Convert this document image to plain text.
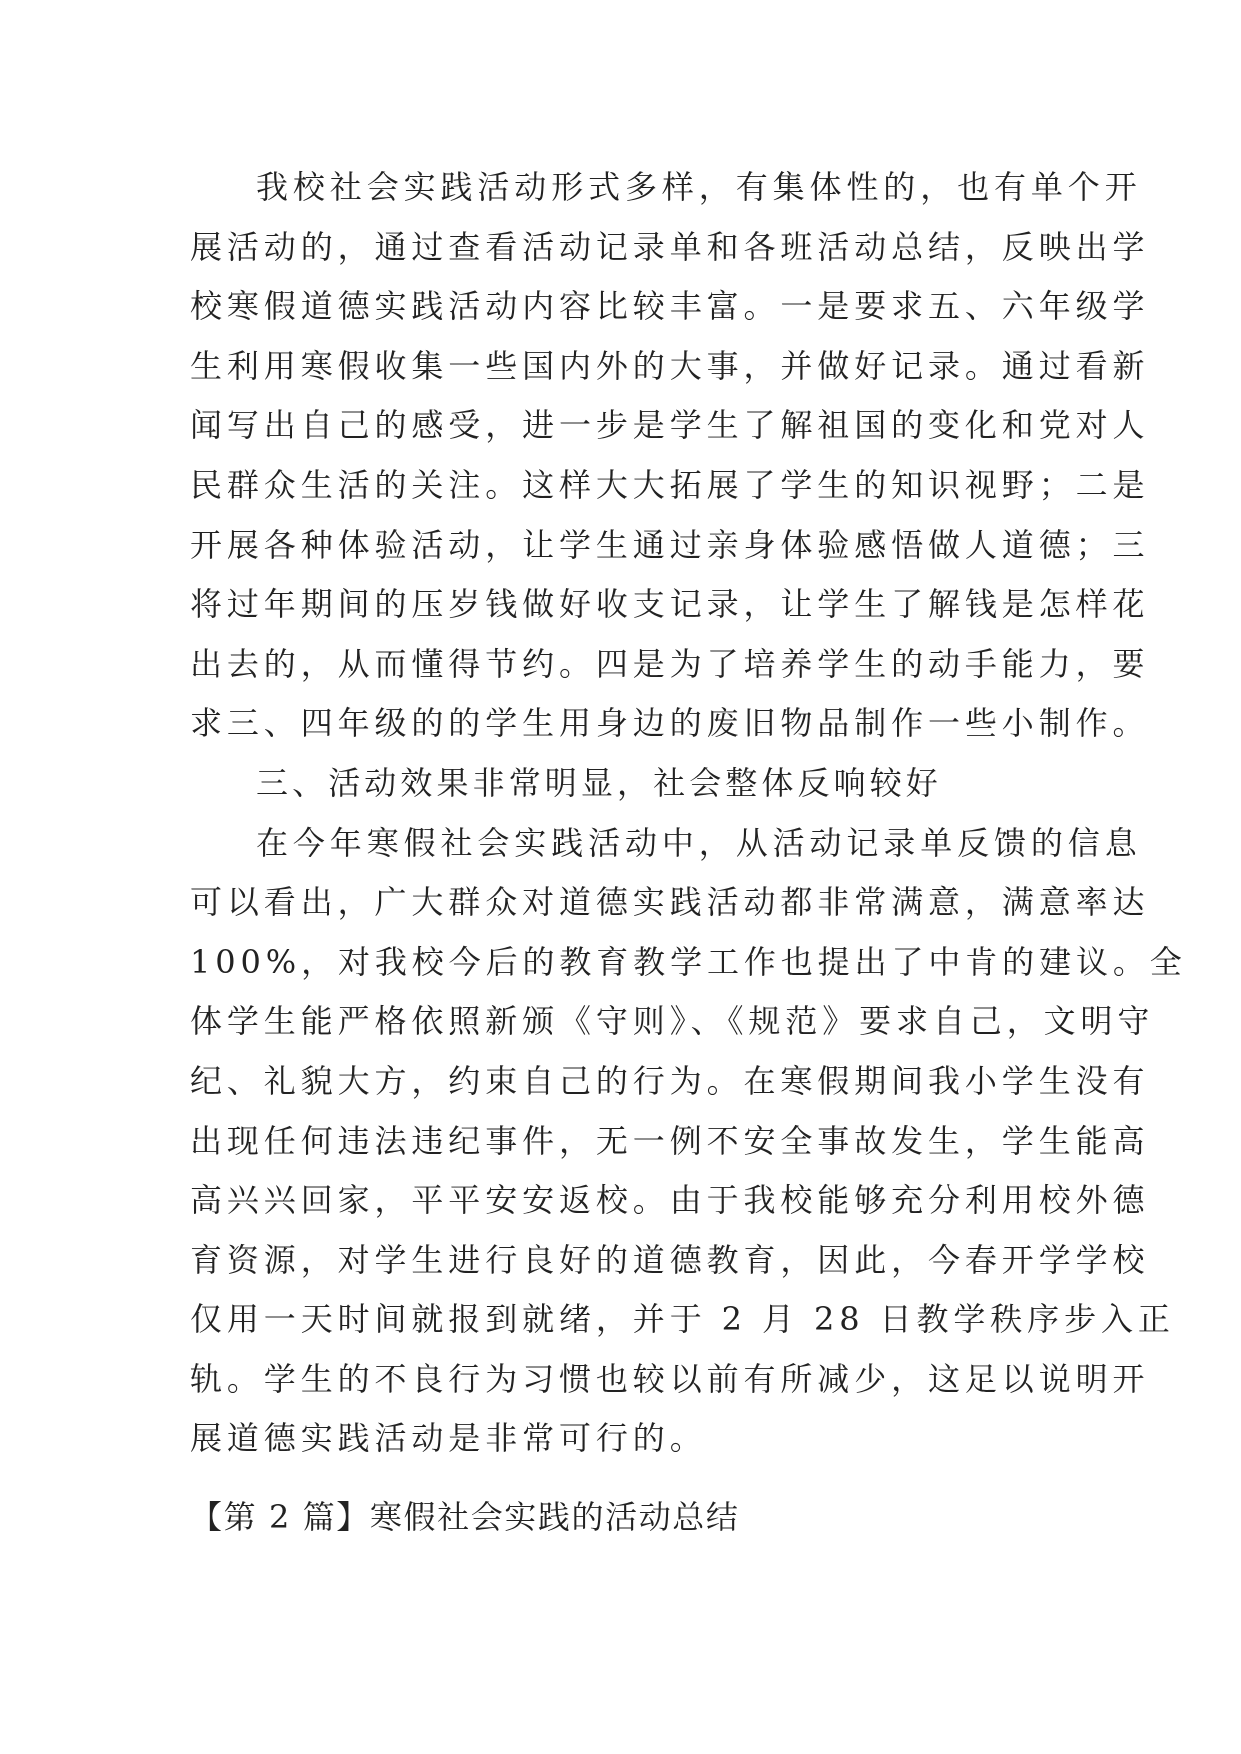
我校社会实践活动形式多样，有集体性的，也有单个开
展活动的，通过查看活动记录单和各班活动总结，反映出学
校寒假道德实践活动内容比较丰富。一是要求五、六年级学
生利用寒假收集一些国内外的大事，并做好记录。通过看新
闻写出自己的感受，进一步是学生了解祖国的变化和党对人
民群众生活的关注。这样大大拓展了学生的知识视野；二是
开展各种体验活动，让学生通过亲身体验感悟做人道德；三
将过年期间的压岁钱做好收支记录，让学生了解钱是怎样花
出去的，从而懂得节约。四是为了培养学生的动手能力，要
求三、四年级的的学生用身边的废旧物品制作一些小制作。
三、活动效果非常明显，社会整体反响较好
在今年寒假社会实践活动中，从活动记录单反馈的信息
可以看出，广大群众对道德实践活动都非常满意，满意率达
100%，对我校今后的教育教学工作也提出了中肯的建议。全
体学生能严格依照新颁《守则》、《规范》要求自己，文明守
纪、礼貌大方，约束自己的行为。在寒假期间我小学生没有
出现任何违法违纪事件，无一例不安全事故发生，学生能高
高兴兴回家，平平安安返校。由于我校能够充分利用校外德
育资源，对学生进行良好的道德教育，因此，今春开学学校
仅用一天时间就报到就绪，并于 2 月 28 日教学秩序步入正
轨。学生的不良行为习惯也较以前有所减少，这足以说明开
展道德实践活动是非常可行的。
【第 2 篇】寒假社会实践的活动总结
